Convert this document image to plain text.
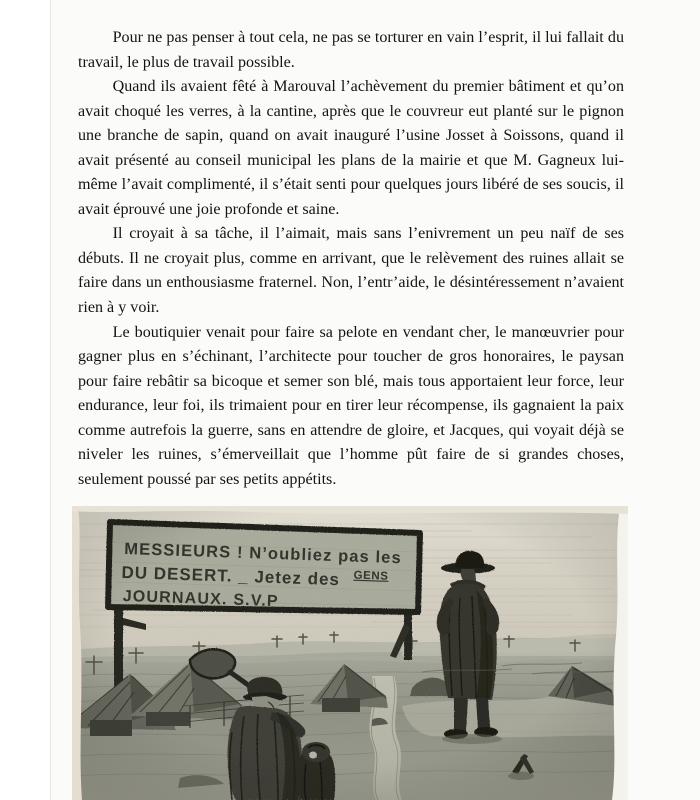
Pour ne pas penser à tout cela, ne pas se torturer en vain l’esprit, il lui fallait du travail, le plus de travail possible.

Quand ils avaient fêté à Marouval l’achèvement du premier bâtiment et qu’on avait choqué les verres, à la cantine, après que le couvreur eut planté sur le pignon une branche de sapin, quand on avait inauguré l’usine Josset à Soissons, quand il avait présenté au conseil municipal les plans de la mairie et que M. Gagneux lui-même l’avait complimenté, il s’était senti pour quelques jours libéré de ses soucis, il avait éprouvé une joie profonde et saine.

Il croyait à sa tâche, il l’aimait, mais sans l’enivrement un peu naïf de ses débuts. Il ne croyait plus, comme en arrivant, que le relèvement des ruines allait se faire dans un enthousiasme fraternel. Non, l’entr’aide, le désintéressement n’avaient rien à y voir.

Le boutiquier venait pour faire sa pelote en vendant cher, le manœuvrier pour gagner plus en s’échinant, l’architecte pour toucher de gros honoraires, le paysan pour faire rebâtir sa bicoque et semer son blé, mais tous apportaient leur force, leur endurance, leur foi, ils trimaient pour en tirer leur récompense, ils gagnaient la paix comme autrefois la guerre, sans en attendre de gloire, et Jacques, qui voyait déjà se niveler les ruines, s’émerveillait que l’homme pût faire de si grandes choses, seulement poussé par ses petits appétits.
